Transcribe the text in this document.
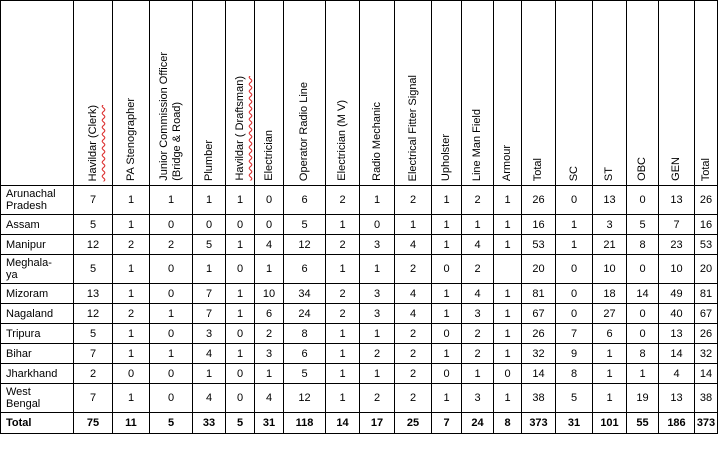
	Havildar (Clerk)	PA Stenographer	Junior Commission Officer
(Bridge & Road)	Plumber	Havildar ( Draftsman)	Electrician	Operator Radio Line	Electrician (M V)	Radio Mechanic	Electrical Fitter Signal	Upholster	Line Man Field	Armour	Total	SC	ST	OBC	GEN	Total

Arunachal
Pradesh	7	1	1	1	1	0	6	2	1	2	1	2	1	26	0	13	0	13	26
Assam	5	1	0	0	0	0	5	1	0	1	1	1	1	16	1	3	5	7	16
Manipur	12	2	2	5	1	4	12	2	3	4	1	4	1	53	1	21	8	23	53
Meghala-
ya	5	1	0	1	0	1	6	1	1	2	0	2		20	0	10	0	10	20
Mizoram	13	1	0	7	1	10	34	2	3	4	1	4	1	81	0	18	14	49	81
Nagaland	12	2	1	7	1	6	24	2	3	4	1	3	1	67	0	27	0	40	67
Tripura	5	1	0	3	0	2	8	1	1	2	0	2	1	26	7	6	0	13	26
Bihar	7	1	1	4	1	3	6	1	2	2	1	2	1	32	9	1	8	14	32
Jharkhand	2	0	0	1	0	1	5	1	1	2	0	1	0	14	8	1	1	4	14
West
Bengal	7	1	0	4	0	4	12	1	2	2	1	3	1	38	5	1	19	13	38
Total	75	11	5	33	5	31	118	14	17	25	7	24	8	373	31	101	55	186	373
